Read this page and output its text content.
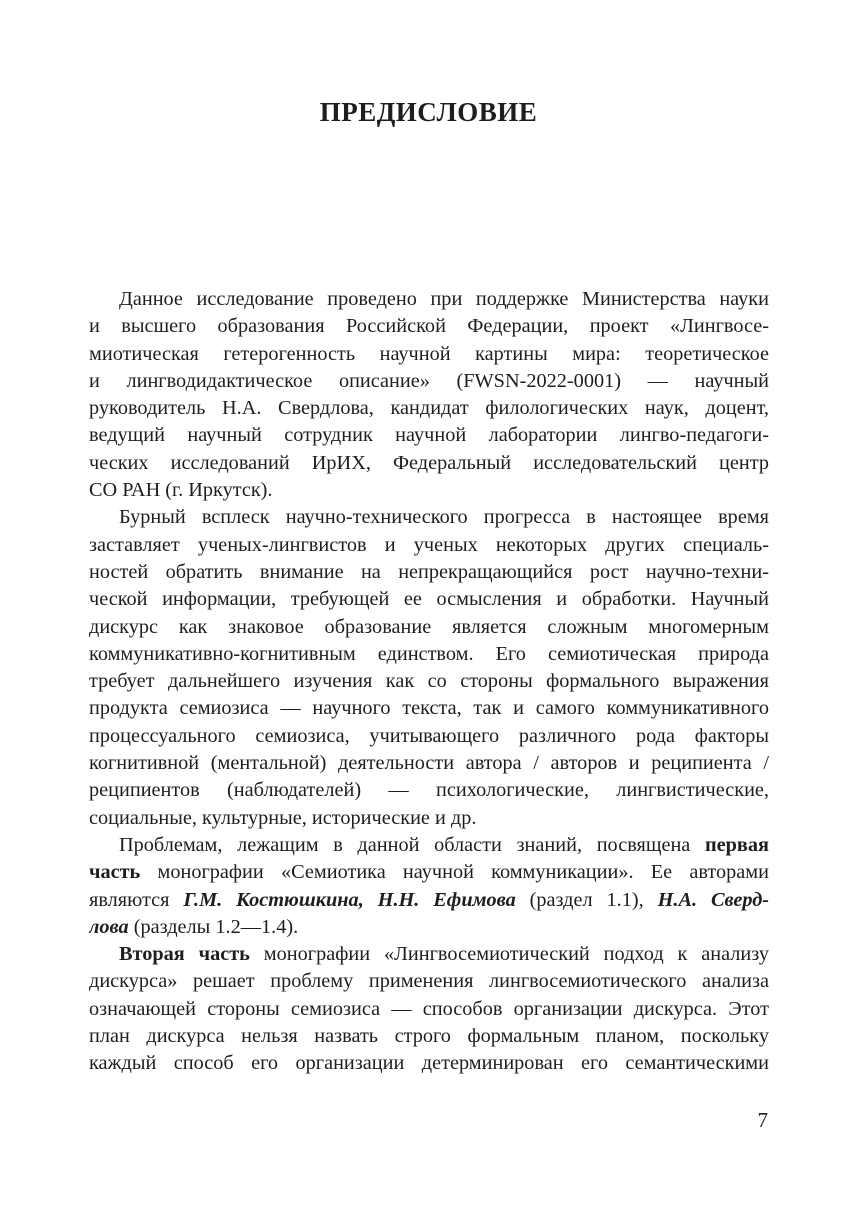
ПРЕДИСЛОВИЕ
Данное исследование проведено при поддержке Министерства науки
и высшего образования Российской Федерации, проект «Лингвосе-
миотическая гетерогенность научной картины мира: теоретическое
и лингводидактическое описание» (FWSN-2022-0001) — научный
руководитель Н.А. Свердлова, кандидат филологических наук, доцент,
ведущий научный сотрудник научной лаборатории лингво-педагоги-
ческих исследований ИрИХ, Федеральный исследовательский центр
СО РАН (г. Иркутск).
Бурный всплеск научно-технического прогресса в настоящее время
заставляет ученых-лингвистов и ученых некоторых других специаль-
ностей обратить внимание на непрекращающийся рост научно-техни-
ческой информации, требующей ее осмысления и обработки. Научный
дискурс как знаковое образование является сложным многомерным
коммуникативно-когнитивным единством. Его семиотическая природа
требует дальнейшего изучения как со стороны формального выражения
продукта семиозиса — научного текста, так и самого коммуникативного
процессуального семиозиса, учитывающего различного рода факторы
когнитивной (ментальной) деятельности автора / авторов и реципиента /
реципиентов (наблюдателей) — психологические, лингвистические,
социальные, культурные, исторические и др.
Проблемам, лежащим в данной области знаний, посвящена первая
часть монографии «Семиотика научной коммуникации». Ее авторами
являются Г.М. Костюшкина, Н.Н. Ефимова (раздел 1.1), Н.А. Сверд-
лова (разделы 1.2—1.4).
Вторая часть монографии «Лингвосемиотический подход к анализу
дискурса» решает проблему применения лингвосемиотического анализа
означающей стороны семиозиса — способов организации дискурса. Этот
план дискурса нельзя назвать строго формальным планом, поскольку
каждый способ его организации детерминирован его семантическими
7
